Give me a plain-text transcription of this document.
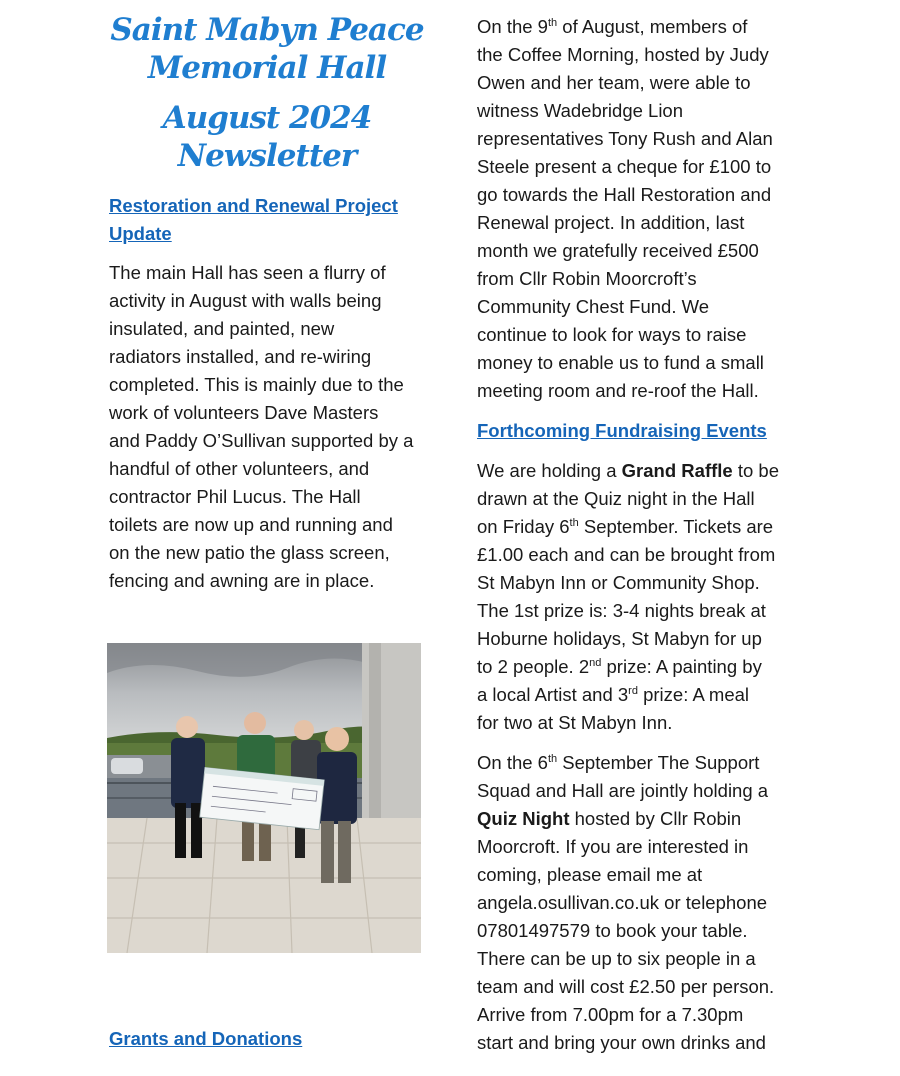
Saint Mabyn Peace
Memorial Hall
August 2024
Newsletter
Restoration and Renewal Project
Update
The main Hall has seen a flurry of
activity in August with walls being
insulated, and painted, new
radiators installed, and re-wiring
completed. This is mainly due to the
work of volunteers Dave Masters
and Paddy O’Sullivan supported by a
handful of other volunteers, and
contractor Phil Lucus. The Hall
toilets are now up and running and
on the new patio the glass screen,
fencing and awning are in place.
Grants and Donations
On the 9th of August, members of
the Coffee Morning, hosted by Judy
Owen and her team, were able to
witness Wadebridge Lion
representatives Tony Rush and Alan
Steele present a cheque for £100 to
go towards the Hall Restoration and
Renewal project. In addition, last
month we gratefully received £500
from Cllr Robin Moorcroft’s
Community Chest Fund. We
continue to look for ways to raise
money to enable us to fund a small
meeting room and re-roof the Hall.
Forthcoming Fundraising Events
We are holding a Grand Raffle to be
drawn at the Quiz night in the Hall
on Friday 6th September. Tickets are
£1.00 each and can be brought from
St Mabyn Inn or Community Shop.
The 1st prize is: 3-4 nights break at
Hoburne holidays, St Mabyn for up
to 2 people. 2nd prize: A painting by
a local Artist and 3rd prize: A meal
for two at St Mabyn Inn.
On the 6th September The Support
Squad and Hall are jointly holding a
Quiz Night hosted by Cllr Robin
Moorcroft. If you are interested in
coming, please email me at
angela.osullivan.co.uk or telephone
07801497579 to book your table.
There can be up to six people in a
team and will cost £2.50 per person.
Arrive from 7.00pm for a 7.30pm
start and bring your own drinks and
